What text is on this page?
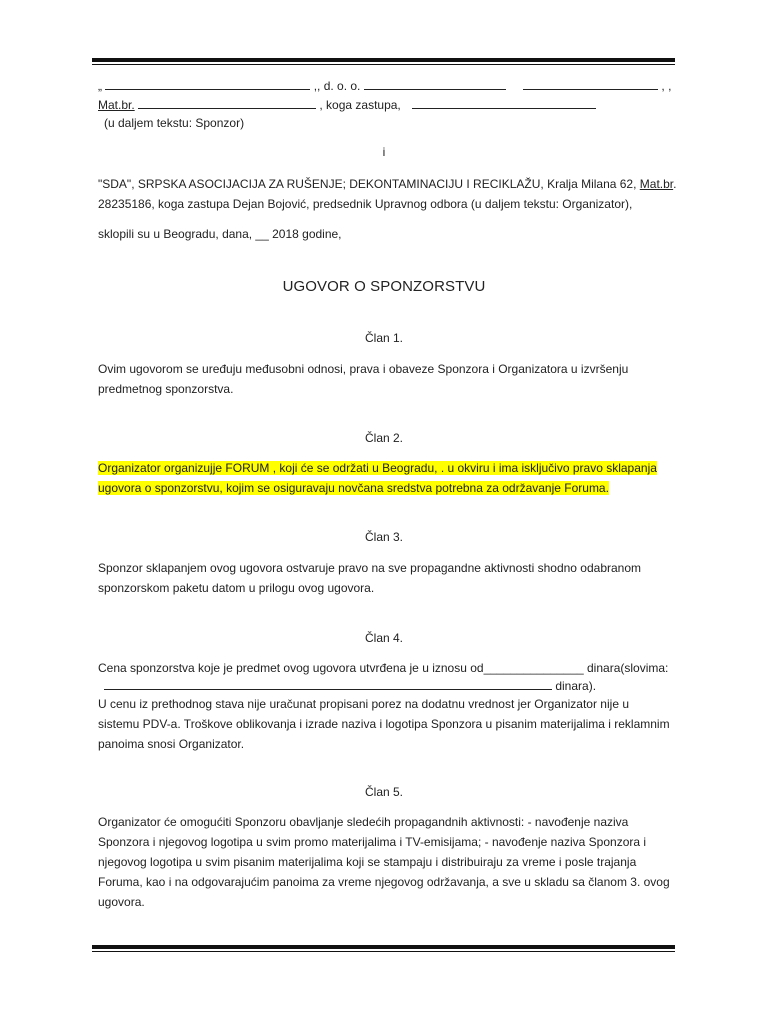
„	,, d. o. o.	, ,
Mat.br.	, koga zastupa,
(u daljem tekstu: Sponzor)
i
"SDA", SRPSKA ASOCIJACIJA ZA RUŠENJE; DEKONTAMINACIJU I RECIKLAŽU, Kralja Milana 62, Mat.br.
28235186, koga zastupa Dejan Bojović, predsednik Upravnog odbora (u daljem tekstu: Organizator),
sklopili su u Beogradu, dana, __ 2018 godine,
UGOVOR O SPONZORSTVU
Član 1.
Ovim ugovorom se uređuju međusobni odnosi, prava i obaveze Sponzora i Organizatora u izvršenju predmetnog sponzorstva.
Član 2.
Organizator organizujje FORUM , koji će se održati u Beogradu, . u okviru i ima isključivo pravo sklapanja ugovora o sponzorstvu, kojim se osiguravaju novčana sredstva potrebna za održavanje Foruma.
Član 3.
Sponzor sklapanjem ovog ugovora ostvaruje pravo na sve propagandne aktivnosti shodno odabranom sponzorskom paketu datom u prilogu ovog ugovora.
Član 4.
Cena sponzorstva koje je predmet ovog ugovora utvrđena je u iznosu od_______________ dinara(slovima:
dinara).
U cenu iz prethodnog stava nije uračunat propisani porez na dodatnu vrednost jer Organizator nije u sistemu PDV-a. Troškove oblikovanja i izrade naziva i logotipa Sponzora u pisanim materijalima i reklamnim panoima snosi Organizator.
Član 5.
Organizator će omogućiti Sponzoru obavljanje sledećih propagandnih aktivnosti: - navođenje naziva Sponzora i njegovog logotipa u svim promo materijalima i TV-emisijama; - navođenje naziva Sponzora i njegovog logotipa u svim pisanim materijalima koji se stampaju i distribuiraju za vreme i posle trajanja Foruma, kao i na odgovarajućim panoima za vreme njegovog održavanja, a sve u skladu sa članom 3. ovog ugovora.
